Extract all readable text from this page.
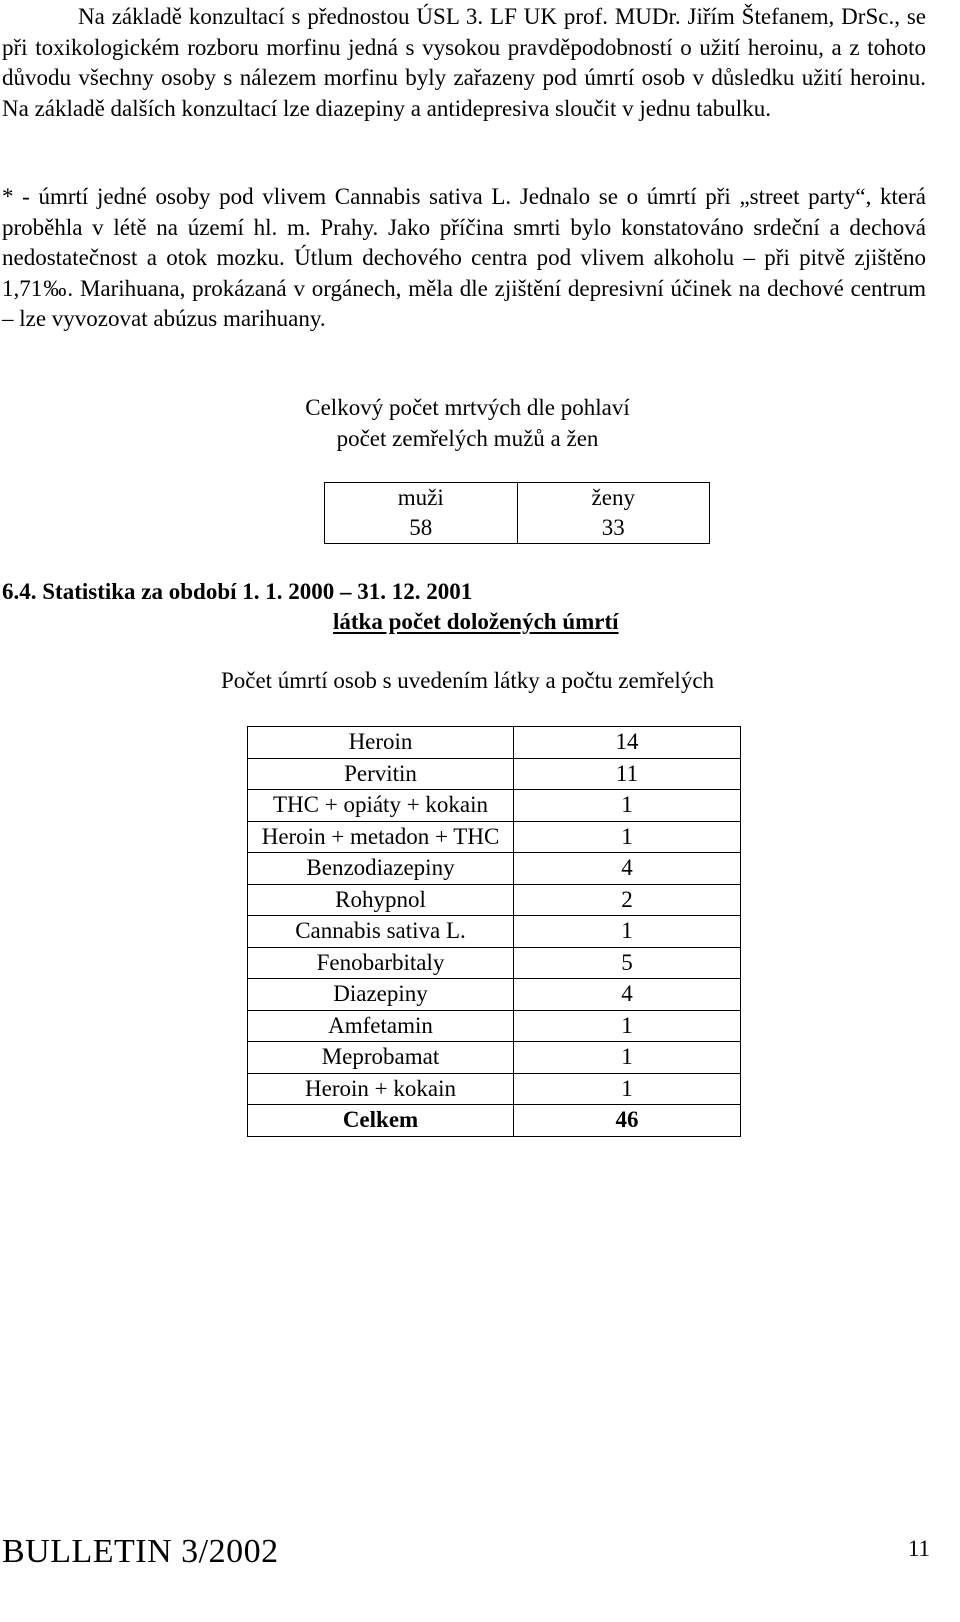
Na základě konzultací s přednostou ÚSL 3. LF UK prof. MUDr. Jiřím Štefanem, DrSc., se při toxikologickém rozboru morfinu jedná s vysokou pravděpodobností o užití heroinu, a z tohoto důvodu všechny osoby s nálezem morfinu byly zařazeny pod úmrtí osob v důsledku užití heroinu. Na základě dalších konzultací lze diazepiny a antidepresiva sloučit v jednu tabulku.

* - úmrtí jedné osoby pod vlivem Cannabis sativa L. Jednalo se o úmrtí při „street party“, která proběhla v létě na území hl. m. Prahy. Jako příčina smrti bylo konstatováno srdeční a dechová nedostatečnost a otok mozku. Útlum dechového centra pod vlivem alkoholu – při pitvě zjištěno 1,71‰. Marihuana, prokázaná v orgánech, měla dle zjištění depresivní účinek na dechové centrum – lze vyvozovat abúzus marihuany.

Celkový počet mrtvých dle pohlaví
počet zemřelých mužů a žen
muži	ženy
58	33
6.4. Statistika za období 1. 1. 2000 – 31. 12. 2001
látka počet doložených úmrtí
Počet úmrtí osob s uvedením látky a počtu zemřelých
Heroin	14
Pervitin	11
THC + opiáty + kokain	1
Heroin + metadon + THC	1
Benzodiazepiny	4
Rohypnol	2
Cannabis sativa L.	1
Fenobarbitaly	5
Diazepiny	4
Amfetamin	1
Meprobamat	1
Heroin + kokain	1
Celkem	46
BULLETIN 3/2002	11
